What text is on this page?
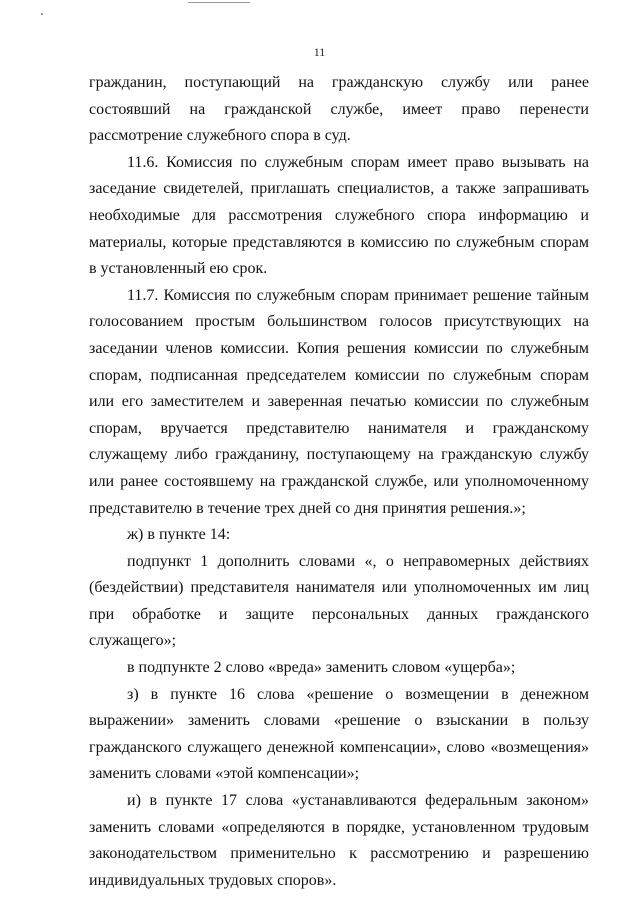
11

гражданин, поступающий на гражданскую службу или ранее состоявший на гражданской службе, имеет право перенести рассмотрение служебного спора в суд.

11.6. Комиссия по служебным спорам имеет право вызывать на заседание свидетелей, приглашать специалистов, а также запрашивать необходимые для рассмотрения служебного спора информацию и материалы, которые представляются в комиссию по служебным спорам в установленный ею срок.

11.7. Комиссия по служебным спорам принимает решение тайным голосованием простым большинством голосов присутствующих на заседании членов комиссии. Копия решения комиссии по служебным спорам, подписанная председателем комиссии по служебным спорам или его заместителем и заверенная печатью комиссии по служебным спорам, вручается представителю нанимателя и гражданскому служащему либо гражданину, поступающему на гражданскую службу или ранее состоявшему на гражданской службе, или уполномоченному представителю в течение трех дней со дня принятия решения.»;

ж) в пункте 14:

подпункт 1 дополнить словами «, о неправомерных действиях (бездействии) представителя нанимателя или уполномоченных им лиц при обработке и защите персональных данных гражданского служащего»;

в подпункте 2 слово «вреда» заменить словом «ущерба»;

з) в пункте 16 слова «решение о возмещении в денежном выражении» заменить словами «решение о взыскании в пользу гражданского служащего денежной компенсации», слово «возмещения» заменить словами «этой компенсации»;

и) в пункте 17 слова «устанавливаются федеральным законом» заменить словами «определяются в порядке, установленном трудовым законодательством применительно к рассмотрению и разрешению индивидуальных трудовых споров».
